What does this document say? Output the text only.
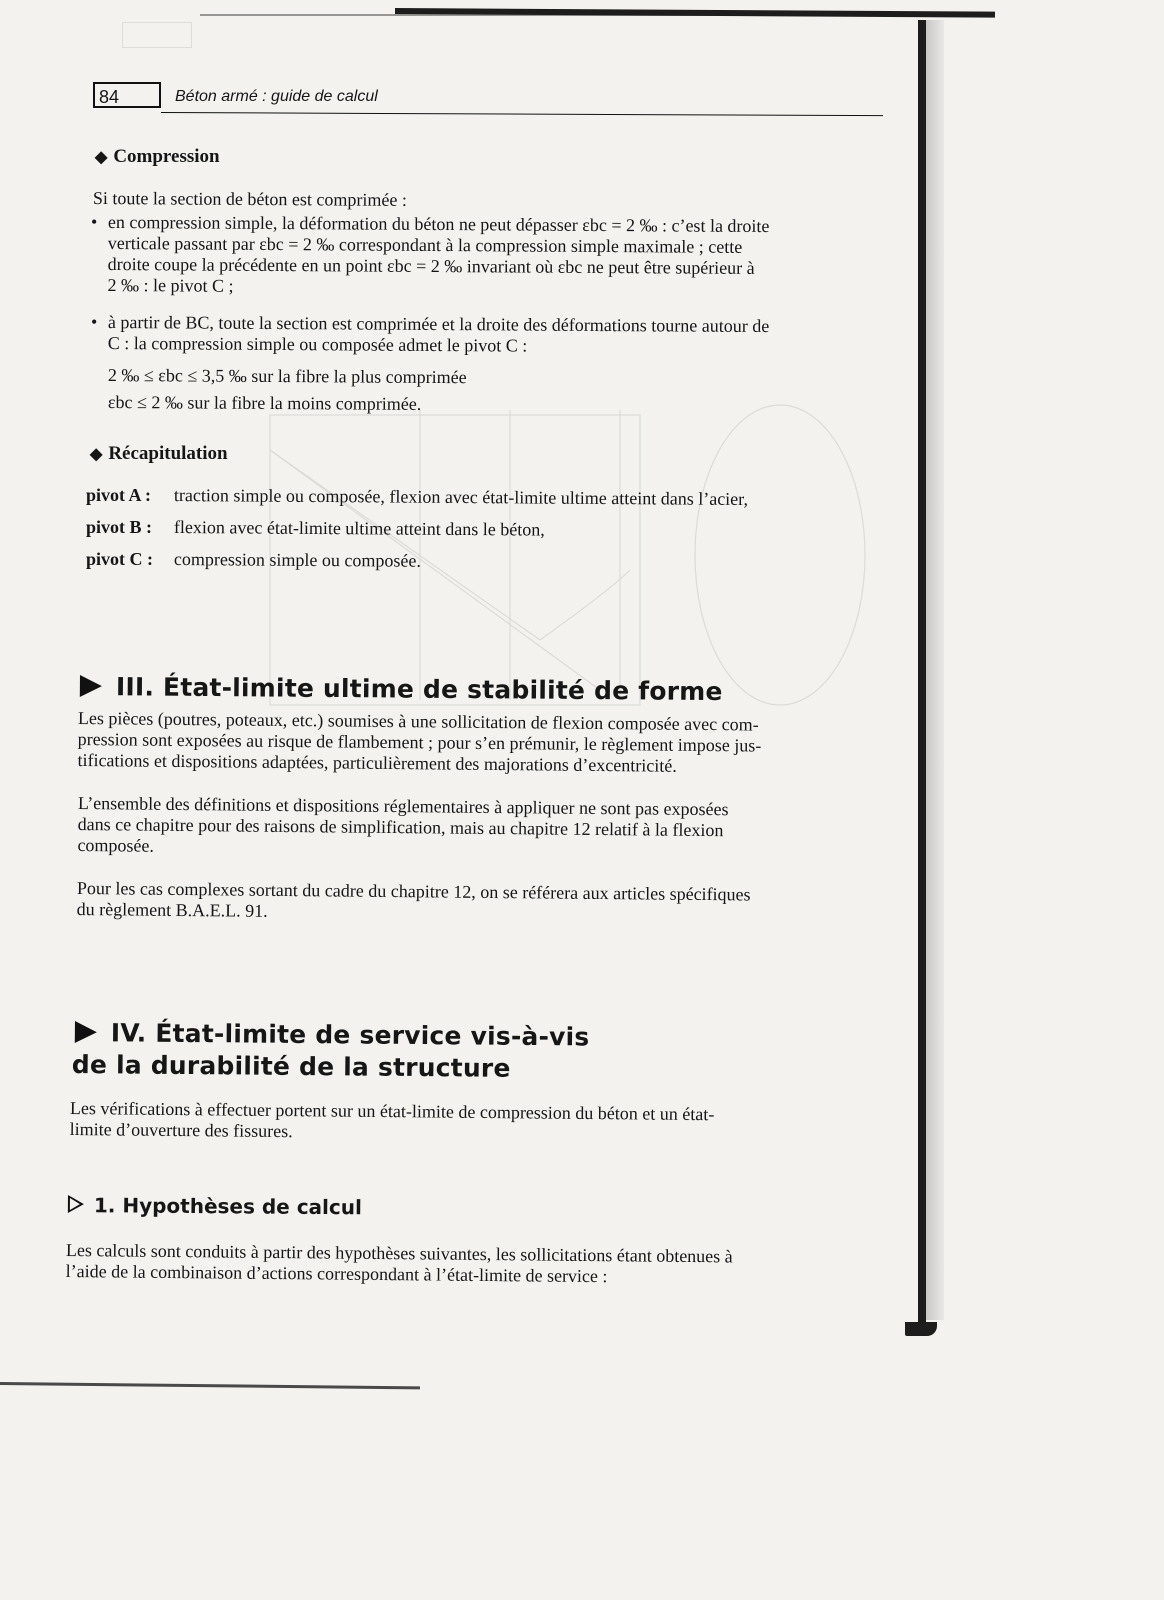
84	Béton armé : guide de calcul
◆ Compression
Si toute la section de béton est comprimée :
• en compression simple, la déformation du béton ne peut dépasser εbc = 2 ‰ : c’est la droite
verticale passant par εbc = 2 ‰ correspondant à la compression simple maximale ; cette
droite coupe la précédente en un point εbc = 2 ‰ invariant où εbc ne peut être supérieur à
2 ‰ : le pivot C ;
• à partir de BC, toute la section est comprimée et la droite des déformations tourne autour de
C : la compression simple ou composée admet le pivot C :
2 ‰ ≤ εbc ≤ 3,5 ‰ sur la fibre la plus comprimée
εbc ≤ 2 ‰ sur la fibre la moins comprimée.
◆ Récapitulation
pivot A : traction simple ou composée, flexion avec état-limite ultime atteint dans l’acier,
pivot B : flexion avec état-limite ultime atteint dans le béton,
pivot C : compression simple ou composée.
III. État-limite ultime de stabilité de forme
Les pièces (poutres, poteaux, etc.) soumises à une sollicitation de flexion composée avec com-
pression sont exposées au risque de flambement ; pour s’en prémunir, le règlement impose jus-
tifications et dispositions adaptées, particulièrement des majorations d’excentricité.
L’ensemble des définitions et dispositions réglementaires à appliquer ne sont pas exposées
dans ce chapitre pour des raisons de simplification, mais au chapitre 12 relatif à la flexion
composée.
Pour les cas complexes sortant du cadre du chapitre 12, on se référera aux articles spécifiques
du règlement B.A.E.L. 91.
IV. État-limite de service vis-à-vis
de la durabilité de la structure
Les vérifications à effectuer portent sur un état-limite de compression du béton et un état-
limite d’ouverture des fissures.
1. Hypothèses de calcul
Les calculs sont conduits à partir des hypothèses suivantes, les sollicitations étant obtenues à
l’aide de la combinaison d’actions correspondant à l’état-limite de service :
